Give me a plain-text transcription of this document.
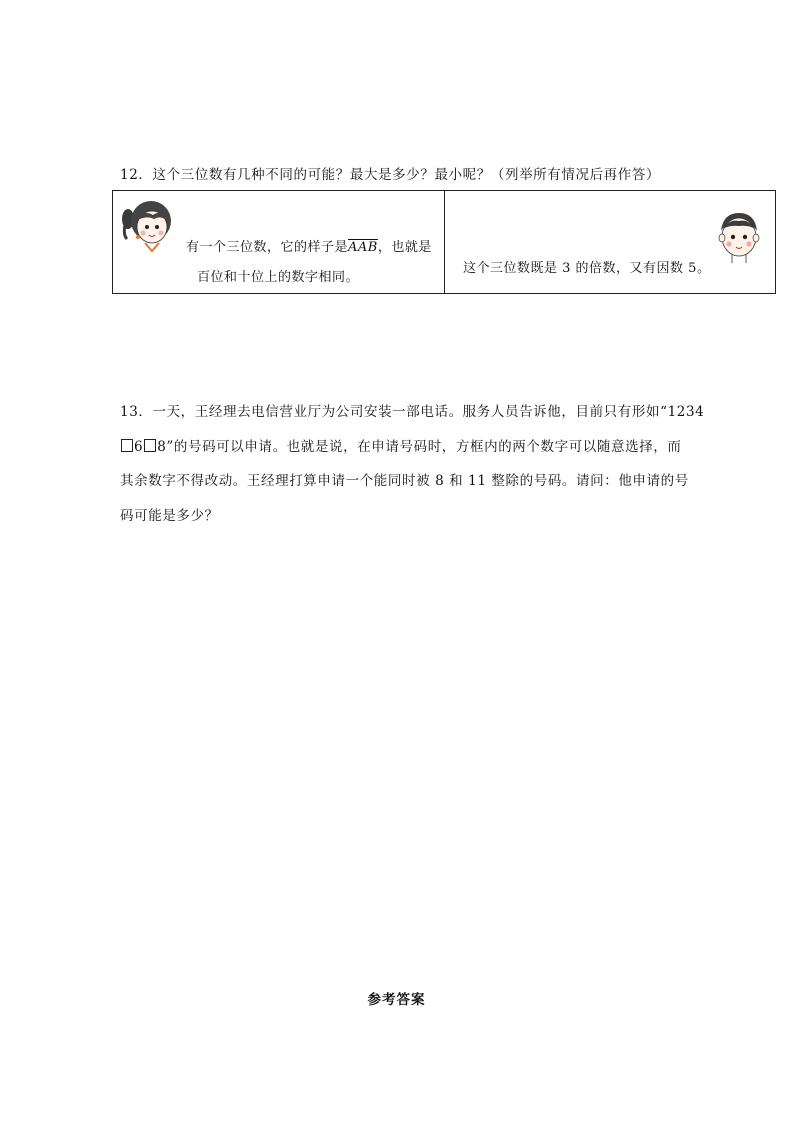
12．这个三位数有几种不同的可能？最大是多少？最小呢？（列举所有情况后再作答）
有一个三位数，它的样子是$\overline{AAB}$，也就是
百位和十位上的数字相同。
这个三位数既是 3 的倍数，又有因数 5。
13．一天，王经理去电信营业厅为公司安装一部电话。服务人员告诉他，目前只有形如“1234
6 8”的号码可以申请。也就是说，在申请号码时，方框内的两个数字可以随意选择，而
其余数字不得改动。王经理打算申请一个能同时被 8 和 11 整除的号码。请问：他申请的号
码可能是多少？
参考答案
